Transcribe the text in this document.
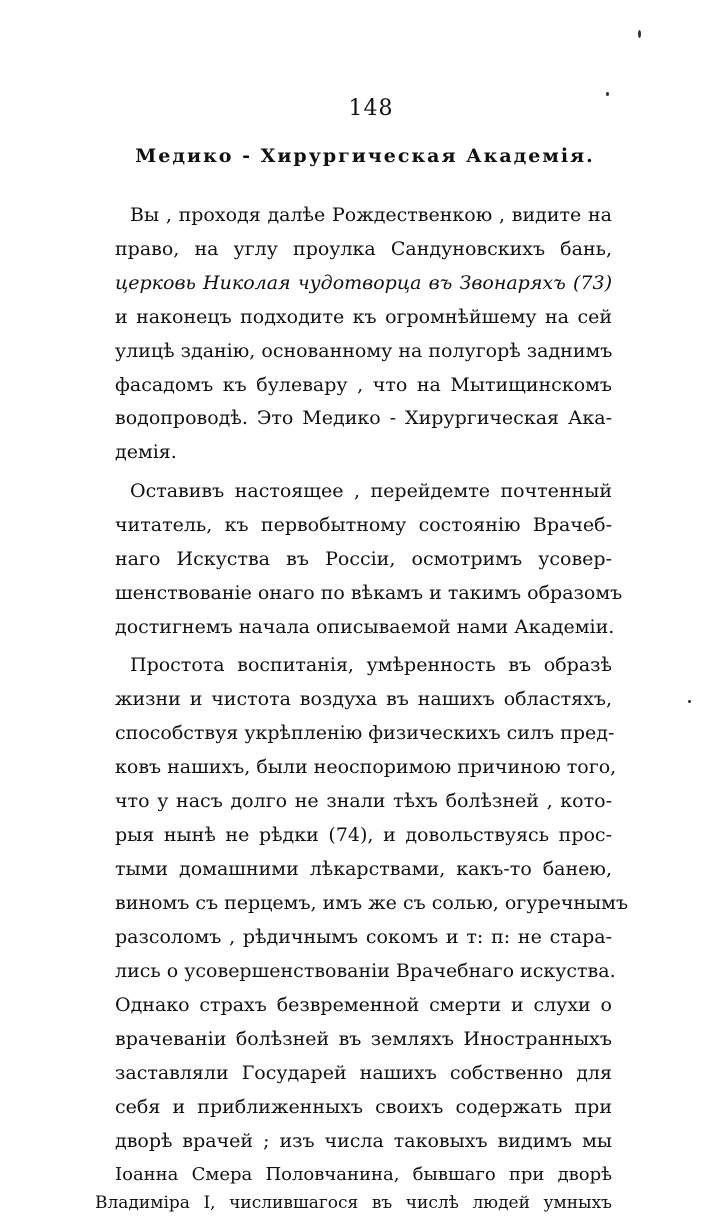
148
Медико - Хирургическая Академія.
Вы , проходя далѣе Рождественкою , видите на
право, на углу проулка Сандуновскихъ бань,
церковь Николая чудотворца въ Звонаряхъ (73)
и наконецъ подходите къ огромнѣйшему на сей
улицѣ зданію, основанному на полугорѣ заднимъ
фасадомъ къ булевару , что на Мытищинскомъ
водопроводѣ. Это Медико - Хирургическая Ака-
демія.
Оставивъ настоящее , перейдемте почтенный
читатель, къ первобытному состоянію Врачеб-
наго Искуства въ Россіи, осмотримъ усовер-
шенствованіе онаго по вѣкамъ и такимъ образомъ
достигнемъ начала описываемой нами Академіи.
Простота воспитанія, умѣренность въ образѣ
жизни и чистота воздуха въ нашихъ областяхъ,
способствуя укрѣпленію физическихъ силъ пред-
ковъ нашихъ, были неоспоримою причиною того,
что у насъ долго не знали тѣхъ болѣзней , кото-
рыя нынѣ не рѣдки (74), и довольствуясь прос-
тыми домашними лѣкарствами, какъ-то банею,
виномъ съ перцемъ, имъ же съ солью, огуречнымъ
разсоломъ , рѣдичнымъ сокомъ и т: п: не стара-
лись о усовершенствованіи Врачебнаго искуства.
Однако страхъ безвременной смерти и слухи о
врачеваніи болѣзней въ земляхъ Иностранныхъ
заставляли Государей нашихъ собственно для
себя и приближенныхъ своихъ содержать при
дворѣ врачей ; изъ числа таковыхъ видимъ мы
Іоанна Смера Половчанина, бывшаго при дворѣ
Владиміра I, числившагося въ числѣ людей умныхъ
